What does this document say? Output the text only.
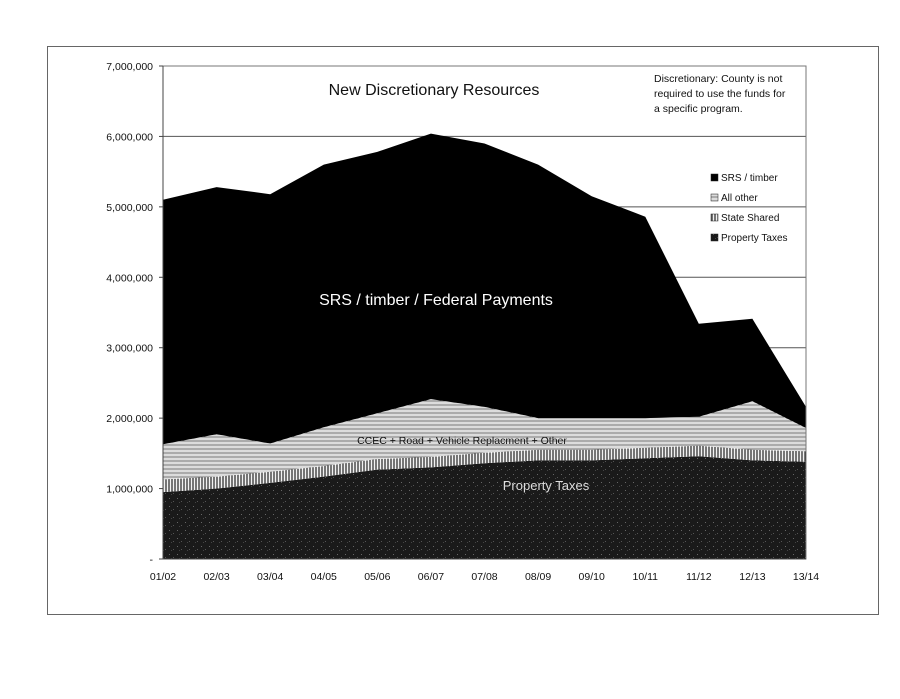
-
1,000,000
2,000,000
3,000,000
4,000,000
5,000,000
6,000,000
7,000,000
01/02	02/03	03/04	04/05	05/06	06/07	07/08	08/09	09/10	10/11	11/12	12/13	13/14
New Discretionary Resources
SRS / timber / Federal Payments
CCEC + Road + Vehicle Replacment + Other
Property Taxes
Discretionary: County is not
required to use the funds for
a specific program.
SRS / timber
All other
State Shared
Property Taxes
